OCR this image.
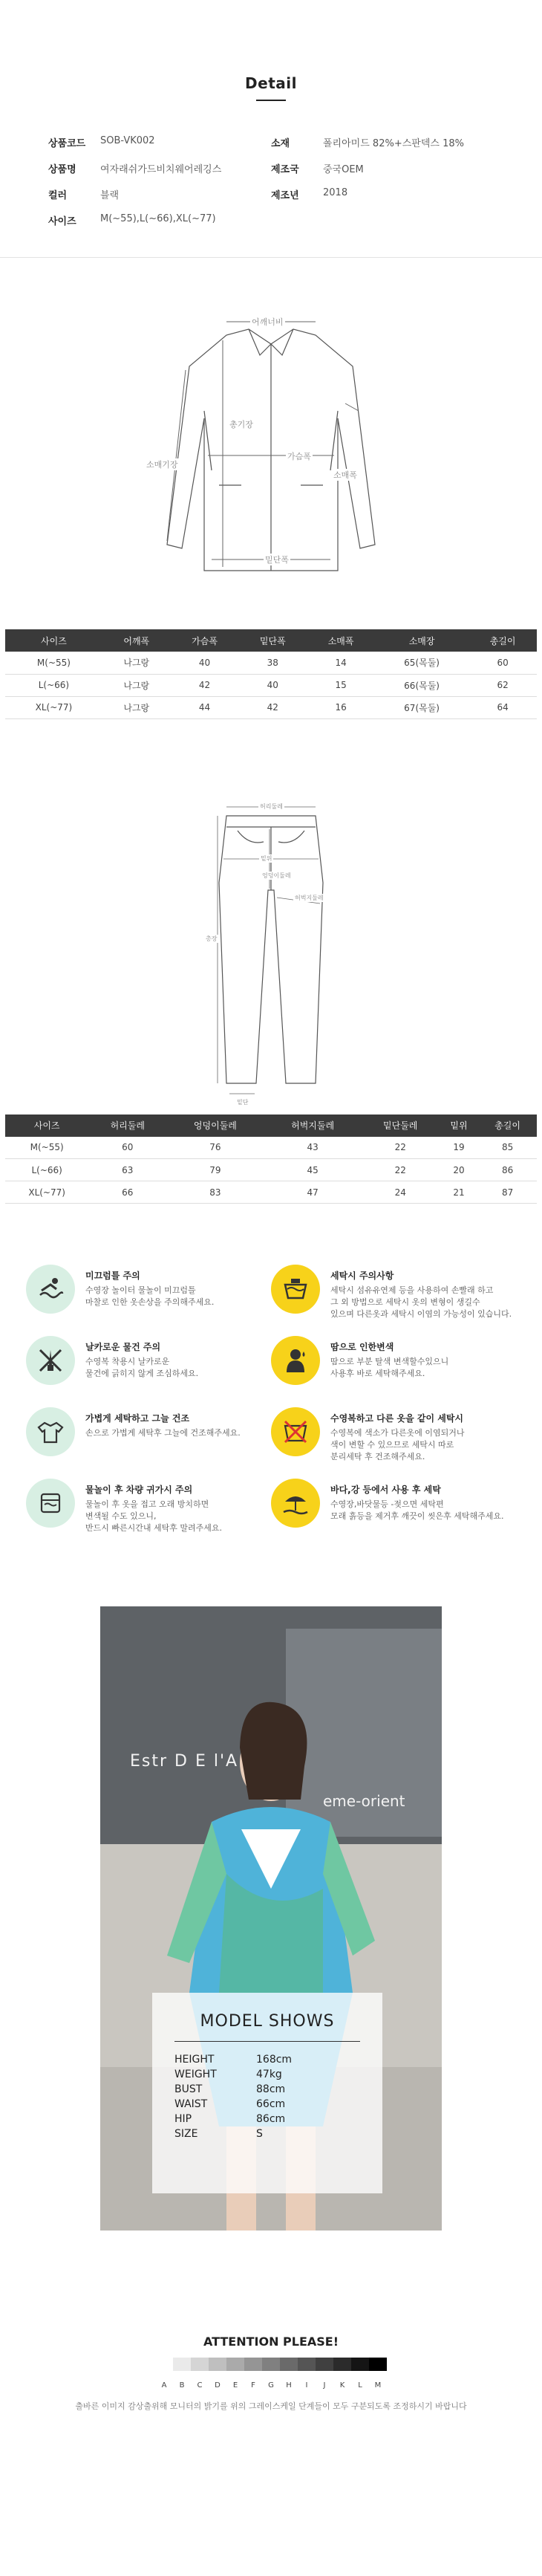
Detail
상품코드	SOB-VK002	소재	폴리아미드 82%+스판덱스 18%
상품명	여자래쉬가드비치웨어레깅스	제조국	중국OEM
컬러	블랙	제조년	2018
사이즈	M(~55),L(~66),XL(~77)
어깨너비
총기장
가슴폭
소매폭
소매기장
밑단폭
사이즈	어깨폭	가슴폭	밑단폭	소매폭	소매장	총길이
M(~55)	나그랑	40	38	14	65(목둘)	60
L(~66)	나그랑	42	40	15	66(목둘)	62
XL(~77)	나그랑	44	42	16	67(목둘)	64
허리둘레
총장
밑위
엉덩이둘레
허벅지둘레
밑단
사이즈	허리둘레	엉덩이둘레	허벅지둘레	밑단둘레	밑위	총길이
M(~55)	60	76	43	22	19	85
L(~66)	63	79	45	22	20	86
XL(~77)	66	83	47	24	21	87
미끄럼틀 주의
수영장 놀이터 물놀이 미끄럼틀
마찰로 인한 옷손상을 주의해주세요.
세탁시 주의사항
세탁시 섬유유연제 등을 사용하여 손빨래 하고
그 외 방법으로 세탁시 옷의 변형이 생길수
있으며 다른옷과 세탁시 이염의 가능성이 있습니다.
날카로운 물건 주의
수영복 착용시 날카로운
물건에 긁히지 않게 조심하세요.
땀으로 인한변색
땀으로 부분 탈색 변색할수있으니
사용후 바로 세탁해주세요.
가볍게 세탁하고 그늘 건조
손으로 가볍게 세탁후 그늘에 건조해주세요.
수영복하고 다른 옷을 같이 세탁시
수영복에 색소가 다른옷에 이염되거나
색이 변할 수 있으므로 세탁시 따로
분리세탁 후 건조해주세요.
물놀이 후 차량 귀가시 주의
물놀이 후 옷을 접고 오래 방치하면
변색될 수도 있으니,
반드시 빠른시간내 세탁후 말려주세요.
바다,강 등에서 사용 후 세탁
수영장,바닷물등 -젖으면 세탁편
모래 흙등을 제거후 깨끗이 씻은후 세탁해주세요.
Estr D E l'A
eme-orient
MODEL SHOWS
HEIGHT	168cm
WEIGHT	47kg
BUST	88cm
WAIST	66cm
HIP	86cm
SIZE	S
ATTENTION PLEASE!
A	B	C	D	E	F	G	H	I	J	K	L	M
출바른 이미지 감상출위해 모니터의 밝기를 위의 그레이스케일 단계들이 모두 구분되도록 조정하시기 바랍니다
